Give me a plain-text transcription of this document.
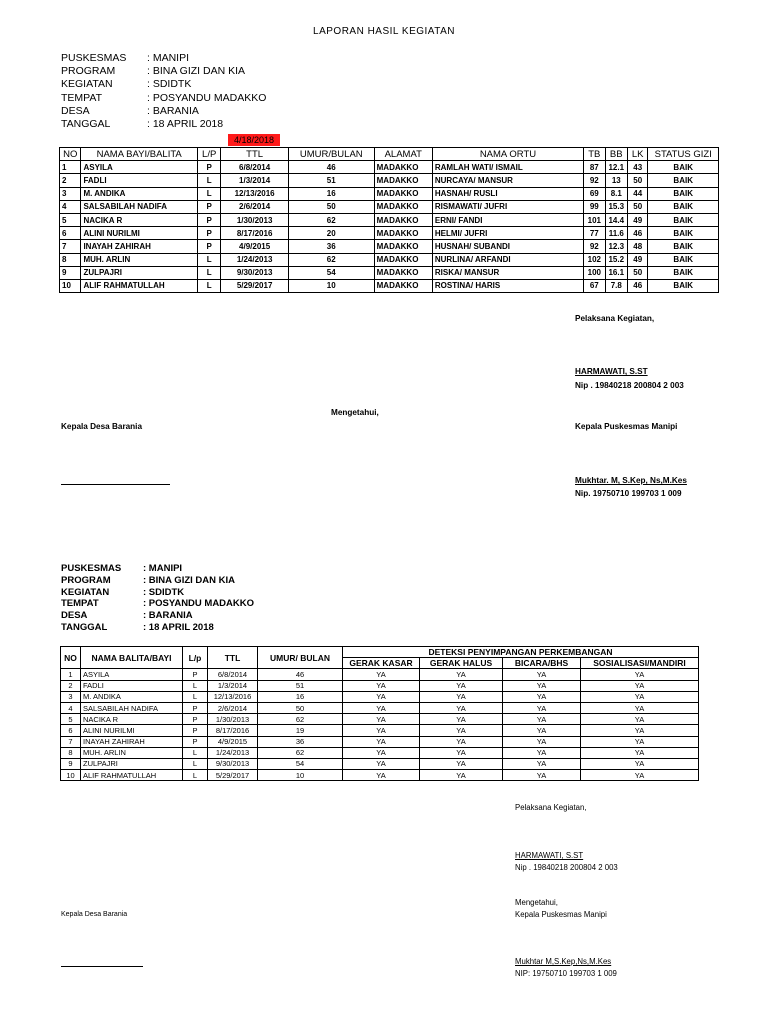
LAPORAN HASIL KEGIATAN
PUSKESMAS : MANIPI
PROGRAM	: BINA GIZI DAN KIA
KEGIATAN	: SDIDTK
TEMPAT	: POSYANDU MADAKKO
DESA	: BARANIA
TANGGAL	: 18 APRIL 2018
4/18/2018
NO	NAMA BAYI/BALITA	L/P	TTL	UMUR/BULAN	ALAMAT	NAMA ORTU	TB	BB	LK	STATUS GIZI
1	ASYILA	P	6/8/2014	46	MADAKKO	RAMLAH WATI/ ISMAIL	87	12.1	43	BAIK
2	FADLI	L	1/3/2014	51	MADAKKO	NURCAYA/ MANSUR	92	13	50	BAIK
3	M. ANDIKA	L	12/13/2016	16	MADAKKO	HASNAH/ RUSLI	69	8.1	44	BAIK
4	SALSABILAH NADIFA	P	2/6/2014	50	MADAKKO	RISMAWATI/ JUFRI	99	15.3	50	BAIK
5	NACIKA R	P	1/30/2013	62	MADAKKO	ERNI/ FANDI	101	14.4	49	BAIK
6	ALINI NURILMI	P	8/17/2016	20	MADAKKO	HELMI/ JUFRI	77	11.6	46	BAIK
7	INAYAH ZAHIRAH	P	4/9/2015	36	MADAKKO	HUSNAH/ SUBANDI	92	12.3	48	BAIK
8	MUH. ARLIN	L	1/24/2013	62	MADAKKO	NURLINA/ ARFANDI	102	15.2	49	BAIK
9	ZULPAJRI	L	9/30/2013	54	MADAKKO	RISKA/ MANSUR	100	16.1	50	BAIK
10	ALIF RAHMATULLAH	L	5/29/2017	10	MADAKKO	ROSTINA/ HARIS	67	7.8	46	BAIK
Pelaksana Kegiatan,
HARMAWATI, S.ST
Nip . 19840218 200804 2 003
Mengetahui,
Kepala Desa Barania	Kepala Puskesmas Manipi
Mukhtar. M, S.Kep, Ns,M.Kes
Nip. 19750710 199703 1 009
PUSKESMAS : MANIPI
PROGRAM	: BINA GIZI DAN KIA
KEGIATAN	: SDIDTK
TEMPAT	: POSYANDU MADAKKO
DESA	: BARANIA
TANGGAL	: 18 APRIL 2018
NO	NAMA BALITA/BAYI	L/p	TTL	UMUR/ BULAN	DETEKSI PENYIMPANGAN PERKEMBANGAN			
					GERAK KASAR	GERAK HALUS	BICARA/BHS	SOSIALISASI/MANDIRI
1	ASYILA	P	6/8/2014	46	YA	YA	YA	YA
2	FADLI	L	1/3/2014	51	YA	YA	YA	YA
3	M. ANDIKA	L	12/13/2016	16	YA	YA	YA	YA
4	SALSABILAH NADIFA	P	2/6/2014	50	YA	YA	YA	YA
5	NACIKA R	P	1/30/2013	62	YA	YA	YA	YA
6	ALINI NURILMI	P	8/17/2016	19	YA	YA	YA	YA
7	INAYAH ZAHIRAH	P	4/9/2015	36	YA	YA	YA	YA
8	MUH. ARLIN	L	1/24/2013	62	YA	YA	YA	YA
9	ZULPAJRI	L	9/30/2013	54	YA	YA	YA	YA
10	ALIF RAHMATULLAH	L	5/29/2017	10	YA	YA	YA	YA
Pelaksana Kegiatan,
HARMAWATI, S.ST
Nip . 19840218 200804 2 003
Mengetahui,
Kepala Puskesmas Manipi
Kepala Desa Barania
Mukhtar M,S.Kep,Ns,M.Kes
NIP: 19750710 199703 1 009
